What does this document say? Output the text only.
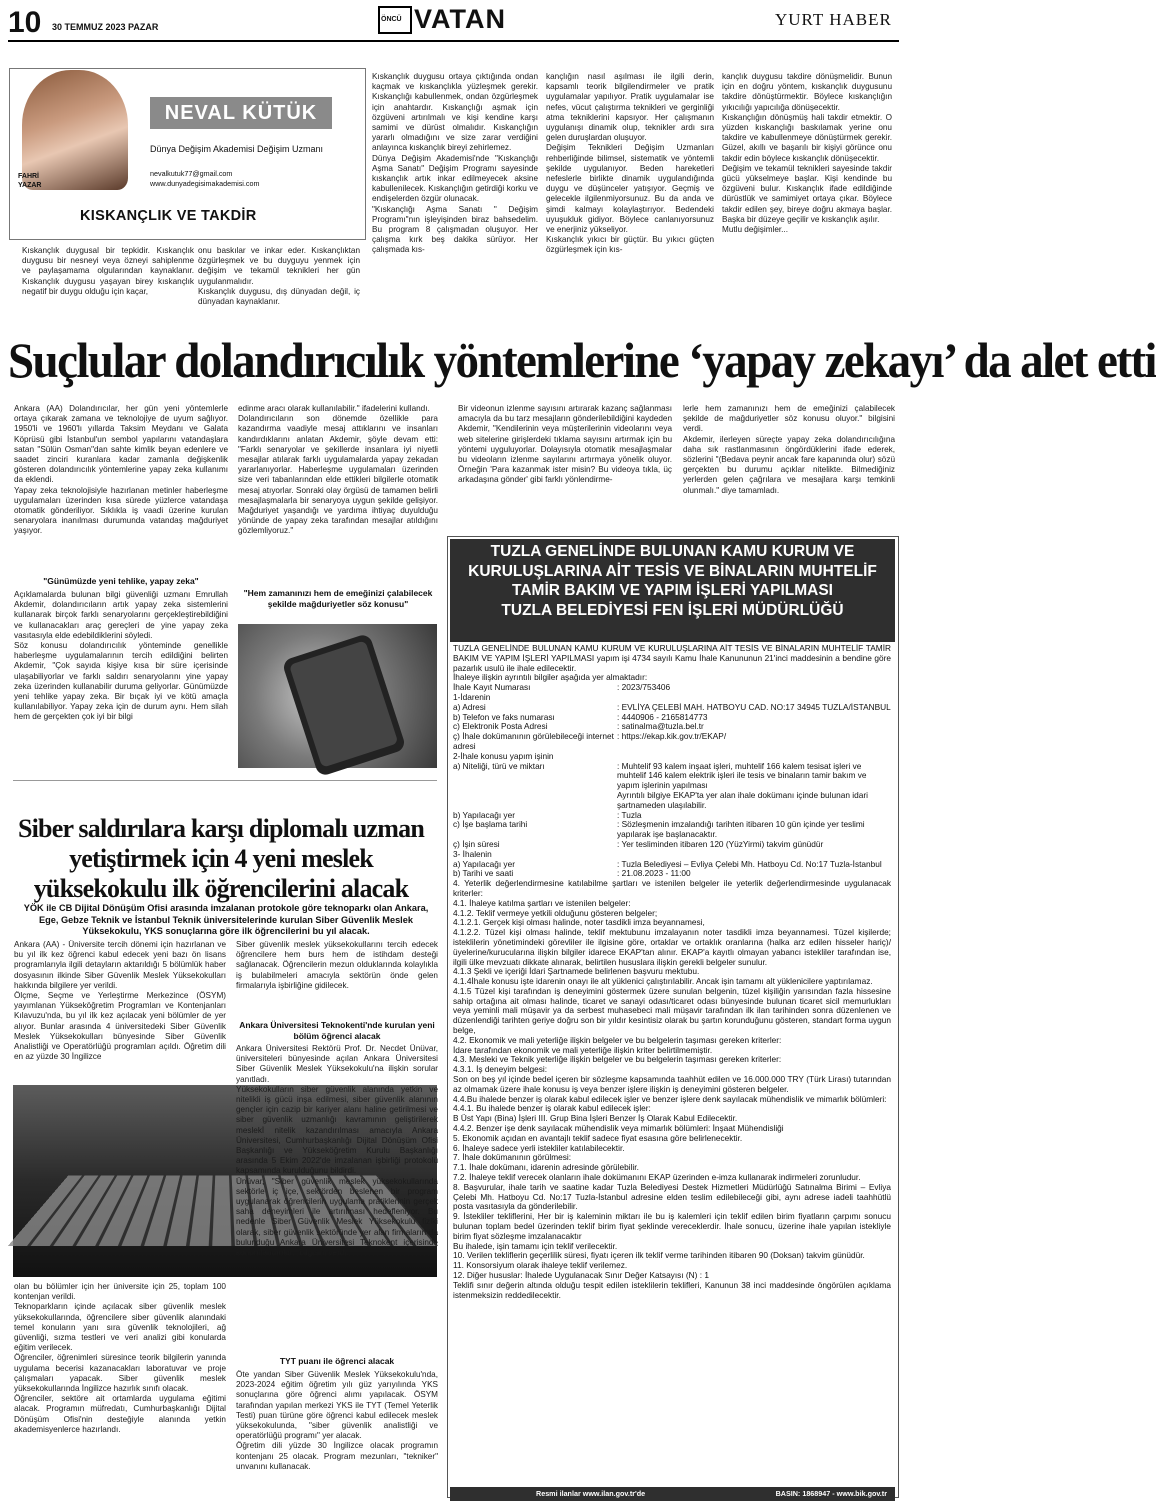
10 30 TEMMUZ 2023 PAZAR
ÖNCÜ VATAN	YURT HABER
FAHRİ
YAZAR
NEVAL KÜTÜK
Dünya Değişim Akademisi Değişim Uzmanı
nevalkutuk77@gmail.com
www.dunyadegisimakademisi.com
KISKANÇLIK VE TAKDİR
Kıskançlık duygusal bir tepkidir. Kıskançlık duygusu bir nesneyi veya özneyi sahiplenme ve paylaşamama olgularından kaynaklanır. Kıskançlık duygusu yaşayan birey kıskançlık negatif bir duygu olduğu için kaçar,
onu baskılar ve inkar eder. Kıskançlıktan özgürleşmek ve bu duyguyu yenmek için değişim ve tekamül teknikleri her gün uygulanmalıdır.
Kıskançlık duygusu, dış dünyadan değil, iç dünyadan kaynaklanır.
Kıskançlık duygusu ortaya çıktığında ondan kaçmak ve kıskançlıkla yüzleşmek gerekir. Kıskançlığı kabullenmek, ondan özgürleşmek için anahtardır. Kıskançlığı aşmak için özgüveni artırılmalı ve kişi kendine karşı samimi ve dürüst olmalıdır. Kıskançlığın yararlı olmadığını ve size zarar verdiğini anlayınca kıskançlık bireyi zehirlemez.
Dünya Değişim Akademisi'nde "Kıskançlığı Aşma Sanatı" Değişim Programı sayesinde kıskançlık artık inkar edilmeyecek aksine kabullenilecek. Kıskançlığın getirdiği korku ve endişelerden özgür olunacak.
"Kıskançlığı Aşma Sanatı " Değişim Programı"nın işleyişinden biraz bahsedelim. Bu program 8 çalışmadan oluşuyor. Her çalışma kırk beş dakika sürüyor. Her çalışmada kıs-
kançlığın nasıl aşılması ile ilgili derin, kapsamlı teorik bilgilendirmeler ve pratik uygulamalar yapılıyor. Pratik uygulamalar ise nefes, vücut çalıştırma teknikleri ve gerginliği atma tekniklerini kapsıyor. Her çalışmanın uygulanışı dinamik olup, teknikler ardı sıra gelen duruşlardan oluşuyor.
Değişim Teknikleri Değişim Uzmanları rehberliğinde bilimsel, sistematik ve yöntemli şekilde uygulanıyor. Beden hareketleri nefeslerle birlikte dinamik uygulandığında duygu ve düşünceler yatışıyor. Geçmiş ve gelecekle ilgilenmiyorsunuz. Bu da anda ve şimdi kalmayı kolaylaştırıyor. Bedendeki uyuşukluk gidiyor. Böylece canlanıyorsunuz ve enerjiniz yükseliyor.
Kıskançlık yıkıcı bir güçtür. Bu yıkıcı güçten özgürleşmek için kıs-
kançlık duygusu takdire dönüşmelidir. Bunun için en doğru yöntem, kıskançlık duygusunu takdire dönüştürmektir. Böylece kıskançlığın yıkıcılığı yapıcılığa dönüşecektir.
Kıskançlığın dönüşmüş hali takdir etmektir. O yüzden kıskançlığı baskılamak yerine onu takdire ve kabullenmeye dönüştürmek gerekir. Güzel, akıllı ve başarılı bir kişiyi görünce onu takdir edin böylece kıskançlık dönüşecektir.
Değişim ve tekamül teknikleri sayesinde takdir gücü yükselmeye başlar. Kişi kendinde bu özgüveni bulur. Kıskançlık ifade edildiğinde dürüstlük ve samimiyet ortaya çıkar. Böylece takdir edilen şey, bireye doğru akmaya başlar. Başka bir düzeye geçilir ve kıskançlık aşılır.
Mutlu değişimler...
Suçlular dolandırıcılık yöntemlerine ‘yapay zekayı’ da alet etti
Ankara (AA) Dolandırıcılar, her gün yeni yöntemlerle ortaya çıkarak zamana ve teknolojiye de uyum sağlıyor. 1950'li ve 1960'lı yıllarda Taksim Meydanı ve Galata Köprüsü gibi İstanbul'un sembol yapılarını vatandaşlara satan "Sülün Osman"dan sahte kimlik beyan edenlere ve saadet zinciri kuranlara kadar zamanla değişkenlik gösteren dolandırıcılık yöntemlerine yapay zeka kullanımı da eklendi.
Yapay zeka teknolojisiyle hazırlanan metinler haberleşme uygulamaları üzerinden kısa sürede yüzlerce vatandaşa otomatik gönderiliyor. Sıklıkla iş vaadi üzerine kurulan senaryolara inanılması durumunda vatandaş mağduriyet yaşıyor.
"Günümüzde yeni tehlike, yapay zeka"
Açıklamalarda bulunan bilgi güvenliği uzmanı Emrullah Akdemir, dolandırıcıların artık yapay zeka sistemlerini kullanarak birçok farklı senaryolarını gerçekleştirebildiğini ve kullanacakları araç gereçleri de yine yapay zeka vasıtasıyla elde edebildiklerini söyledi.
Söz konusu dolandırıcılık yönteminde genellikle haberleşme uygulamalarının tercih edildiğini belirten Akdemir, "Çok sayıda kişiye kısa bir süre içerisinde ulaşabiliyorlar ve farklı saldırı senaryolarını yine yapay zeka üzerinden kullanabilir duruma geliyorlar. Günümüzde yeni tehlike yapay zeka. Bir bıçak iyi ve kötü amaçla kullanılabiliyor. Yapay zeka için de durum aynı. Hem silah hem de gerçekten çok iyi bir bilgi
edinme aracı olarak kullanılabilir." ifadelerini kullandı.
Dolandırıcıların son dönemde özellikle para kazandırma vaadiyle mesaj attıklarını ve insanları kandırdıklarını anlatan Akdemir, şöyle devam etti: "Farklı senaryolar ve şekillerde insanlara iyi niyetli mesajlar atılarak farklı uygulamalarda yapay zekadan yararlanıyorlar. Haberleşme uygulamaları üzerinden size veri tabanlarından elde ettikleri bilgilerle otomatik mesaj atıyorlar. Sonraki olay örgüsü de tamamen belirli mesajlaşmalarla bir senaryoya uygun şekilde gelişiyor. Mağduriyet yaşandığı ve yardıma ihtiyaç duyulduğu yönünde de yapay zeka tarafından mesajlar atıldığını gözlemliyoruz."
"Hem zamanınızı hem de emeğinizi çalabilecek şekilde mağduriyetler söz konusu"
Bir videonun izlenme sayısını artırarak kazanç sağlanması amacıyla da bu tarz mesajların gönderilebildiğini kaydeden Akdemir, "Kendilerinin veya müşterilerinin videolarını veya web sitelerine girişlerdeki tıklama sayısını artırmak için bu yöntemi uyguluyorlar. Dolayısıyla otomatik mesajlaşmalar bu videoların izlenme sayılarını artırmaya yönelik oluyor. Örneğin 'Para kazanmak ister misin? Bu videoya tıkla, üç arkadaşına gönder' gibi farklı yönlendirme-
lerle hem zamanınızı hem de emeğinizi çalabilecek şekilde de mağduriyetler söz konusu oluyor." bilgisini verdi.
Akdemir, ilerleyen süreçte yapay zeka dolandırıcılığına daha sık rastlanmasının öngördüklerini ifade ederek, sözlerini "(Bedava peynir ancak fare kapanında olur) sözü gerçekten bu durumu açıklar nitelikte. Bilmediğiniz yerlerden gelen çağrılara ve mesajlara karşı temkinli olunmalı." diye tamamladı.
Siber saldırılara karşı diplomalı uzman yetiştirmek için 4 yeni meslek yüksekokulu ilk öğrencilerini alacak
YÖK ile CB Dijital Dönüşüm Ofisi arasında imzalanan protokole göre teknoparkı olan Ankara, Ege, Gebze Teknik ve İstanbul Teknik üniversitelerinde kurulan Siber Güvenlik Meslek Yüksekokulu, YKS sonuçlarına göre ilk öğrencilerini bu yıl alacak.
Ankara (AA) - Üniversite tercih dönemi için hazırlanan ve bu yıl ilk kez öğrenci kabul edecek yeni bazı ön lisans programlarıyla ilgili detayların aktarıldığı 5 bölümlük haber dosyasının ilkinde Siber Güvenlik Meslek Yüksekokulları hakkında bilgilere yer verildi.
Ölçme, Seçme ve Yerleştirme Merkezince (ÖSYM) yayımlanan Yükseköğretim Programları ve Kontenjanları Kılavuzu'nda, bu yıl ilk kez açılacak yeni bölümler de yer alıyor. Bunlar arasında 4 üniversitedeki Siber Güvenlik Meslek Yüksekokulları bünyesinde Siber Güvenlik Analistliği ve Operatörlüğü programları açıldı. Öğretim dili en az yüzde 30 İngilizce
olan bu bölümler için her üniversite için 25, toplam 100 kontenjan verildi.
Teknoparkların içinde açılacak siber güvenlik meslek yüksekokullarında, öğrencilere siber güvenlik alanındaki temel konuların yanı sıra güvenlik teknolojileri, ağ güvenliği, sızma testleri ve veri analizi gibi konularda eğitim verilecek.
Öğrenciler, öğrenimleri süresince teorik bilgilerin yanında uygulama becerisi kazanacakları laboratuvar ve proje çalışmaları yapacak. Siber güvenlik meslek yüksekokullarında İngilizce hazırlık sınıfı olacak.
Öğrenciler, sektöre ait ortamlarda uygulama eğitimi alacak. Programın müfredatı, Cumhurbaşkanlığı Dijital Dönüşüm Ofisi'nin desteğiyle alanında yetkin akademisyenlerce hazırlandı.
Siber güvenlik meslek yüksekokullarını tercih edecek öğrencilere hem burs hem de istihdam desteği sağlanacak. Öğrencilerin mezun olduklarında kolaylıkla iş bulabilmeleri amacıyla sektörün önde gelen firmalarıyla işbirliğine gidilecek.
Ankara Üniversitesi Teknokenti'nde kurulan yeni bölüm öğrenci alacak
Ankara Üniversitesi Rektörü Prof. Dr. Necdet Ünüvar, üniversiteleri bünyesinde açılan Ankara Üniversitesi Siber Güvenlik Meslek Yüksekokulu'na ilişkin sorular yanıtladı.
Yüksekokulların siber güvenlik alanında yetkin ve nitelikli iş gücü inşa edilmesi, siber güvenlik alanının gençler için cazip bir kariyer alanı haline getirilmesi ve siber güvenlik uzmanlığı kavramının geliştirilerek meslekİ nitelik kazandırılması amacıyla Ankara Üniversitesi, Cumhurbaşkanlığı Dijital Dönüşüm Ofisi Başkanlığı ve Yükseköğretim Kurulu Başkanlığı arasında 5 Ekim 2022'de imzalanan işbirliği protokolü kapsamında kurulduğunu bildirdi.
Ünüvar, "Siber güvenlik meslek yüksekokullarında sektörle iç içe, sektörden beslenen bir program uygulanarak öğrencilerin uygulama pratiklerinin gerçek saha deneyimleri ile artırılması hedefleniyor. Bu nedenle Siber Güvenlik Meslek Yüksekokulu fiziki olarak, siber güvenlik sektöründe yer alan firmaların da bulunduğu Ankara Üniversitesi Teknokent içerisinde konumlandırıldı." bilgisini verdi.
TYT puanı ile öğrenci alacak
Öte yandan Siber Güvenlik Meslek Yüksekokulu'nda, 2023-2024 eğitim öğretim yılı güz yarıyılında YKS sonuçlarına göre öğrenci alımı yapılacak. ÖSYM tarafından yapılan merkezi YKS ile TYT (Temel Yeterlik Testi) puan türüne göre öğrenci kabul edilecek meslek yüksekokulunda, "siber güvenlik analistliği ve operatörlüğü programı" yer alacak.
Öğretim dili yüzde 30 İngilizce olacak programın kontenjanı 25 olacak. Program mezunları, "tekniker" unvanını kullanacak.
TUZLA GENELİNDE BULUNAN KAMU KURUM VE KURULUŞLARINA AİT TESİS VE BİNALARIN MUHTELİF TAMİR BAKIM VE YAPIM İŞLERİ YAPILMASI
TUZLA BELEDİYESİ FEN İŞLERİ MÜDÜRLÜĞÜ

TUZLA GENELİNDE BULUNAN KAMU KURUM VE KURULUŞLARINA AİT TESİS VE BİNALARIN MUHTELİF TAMİR BAKIM VE YAPIM İŞLERİ YAPILMASI yapım işi 4734 sayılı Kamu İhale Kanununun 21'inci maddesinin a bendine göre pazarlık usulü ile ihale edilecektir.
İhaleye ilişkin ayrıntılı bilgiler aşağıda yer almaktadır:

İhale Kayıt Numarası	: 2023/753406
1-İdarenin
a) Adresi	: EVLİYA ÇELEBİ MAH. HATBOYU CAD. NO:17 34945 TUZLA/İSTANBUL
b) Telefon ve faks numarası	: 4440906 - 2165814773
c) Elektronik Posta Adresi	: satinalma@tuzla.bel.tr
ç) İhale dokümanının görülebileceği internet adresi
: https://ekap.kik.gov.tr/EKAP/
2-İhale konusu yapım işinin
a) Niteliği, türü ve miktarı	: Muhtelif 93 kalem inşaat işleri, muhtelif 166 kalem tesisat işleri ve muhtelif 146 kalem elektrik işleri ile tesis ve binaların tamir bakım ve yapım işlerinin yapılması
Ayrıntılı bilgiye EKAP'ta yer alan ihale dokümanı içinde bulunan idari şartnameden ulaşılabilir.
b) Yapılacağı yer	: Tuzla
c) İşe başlama tarihi	: Sözleşmenin imzalandığı tarihten itibaren 10 gün içinde yer teslimi yapılarak işe başlanacaktır.
ç) İşin süresi	: Yer tesliminden itibaren 120 (YüzYirmi) takvim günüdür
3- İhalenin
a) Yapılacağı yer	: Tuzla Belediyesi – Evliya Çelebi Mh. Hatboyu Cd. No:17 Tuzla-İstanbul
b) Tarihi ve saati	: 21.08.2023 - 11:00

4. Yeterlik değerlendirmesine katılabilme şartları ve istenilen belgeler ile yeterlik değerlendirmesinde uygulanacak kriterler:
4.1. İhaleye katılma şartları ve istenilen belgeler:
4.1.2. Teklif vermeye yetkili olduğunu gösteren belgeler;
4.1.2.1. Gerçek kişi olması halinde, noter tasdikli imza beyannamesi,
4.1.2.2. Tüzel kişi olması halinde, teklif mektubunu imzalayanın noter tasdikli imza beyannamesi. Tüzel kişilerde; isteklilerin yönetimindeki görevliler ile ilgisine göre, ortaklar ve ortaklık oranlarına (halka arz edilen hisseler hariç)/üyelerine/kurucularına ilişkin bilgiler idarece EKAP'tan alınır. EKAP'a kayıtlı olmayan yabancı istekliler tarafından ise, ilgili ülke mevzuatı dikkate alınarak, belirtilen hususlara ilişkin gerekli belgeler sunulur.
4.1.3 Şekli ve içeriği İdari Şartnamede belirlenen başvuru mektubu.
4.1.4İhale konusu işte idarenin onayı ile alt yüklenici çalıştırılabilir. Ancak işin tamamı alt yüklenicilere yaptırılamaz.
4.1.5 Tüzel kişi tarafından iş deneyimini göstermek üzere sunulan belgenin, tüzel kişiliğin yarısından fazla hissesine sahip ortağına ait olması halinde, ticaret ve sanayi odası/ticaret odası bünyesinde bulunan ticaret sicil memurlukları veya yeminli mali müşavir ya da serbest muhasebeci mali müşavir tarafından ilk ilan tarihinden sonra düzenlenen ve düzenlendiği tarihten geriye doğru son bir yıldır kesintisiz olarak bu şartın korunduğunu gösteren, standart forma uygun belge,
4.2. Ekonomik ve mali yeterliğe ilişkin belgeler ve bu belgelerin taşıması gereken kriterler:
İdare tarafından ekonomik ve mali yeterliğe ilişkin kriter belirtilmemiştir.
4.3. Mesleki ve Teknik yeterliğe ilişkin belgeler ve bu belgelerin taşıması gereken kriterler:
4.3.1. İş deneyim belgesi:
Son on beş yıl içinde bedel içeren bir sözleşme kapsamında taahhüt edilen ve 16.000.000 TRY (Türk Lirası) tutarından az olmamak üzere ihale konusu iş veya benzer işlere ilişkin iş deneyimini gösteren belgeler.
4.4.Bu ihalede benzer iş olarak kabul edilecek işler ve benzer işlere denk sayılacak mühendislik ve mimarlık bölümleri:
4.4.1. Bu ihalede benzer iş olarak kabul edilecek işler:
B Üst Yapı (Bina) İşleri III. Grup Bina İşleri Benzer İş Olarak Kabul Edilecektir.
4.4.2. Benzer işe denk sayılacak mühendislik veya mimarlık bölümleri: İnşaat Mühendisliği
5. Ekonomik açıdan en avantajlı teklif sadece fiyat esasına göre belirlenecektir.
6. İhaleye sadece yerli istekliler katılabilecektir.
7. İhale dokümanının görülmesi:
7.1. İhale dokümanı, idarenin adresinde görülebilir.
7.2. İhaleye teklif verecek olanların ihale dokümanını EKAP üzerinden e-imza kullanarak indirmeleri zorunludur.
8. Başvurular, ihale tarih ve saatine kadar Tuzla Belediyesi Destek Hizmetleri Müdürlüğü Satınalma Birimi – Evliya Çelebi Mh. Hatboyu Cd. No:17 Tuzla-İstanbul adresine elden teslim edilebileceği gibi, aynı adrese iadeli taahhütlü posta vasıtasıyla da gönderilebilir.
9. İstekliler tekliflerini, Her bir iş kaleminin miktarı ile bu iş kalemleri için teklif edilen birim fiyatların çarpımı sonucu bulunan toplam bedel üzerinden teklif birim fiyat şeklinde vereceklerdir. İhale sonucu, üzerine ihale yapılan istekliyle birim fiyat sözleşme imzalanacaktır
Bu ihalede, işin tamamı için teklif verilecektir.
10. Verilen tekliflerin geçerlilik süresi, fiyatı içeren ilk teklif verme tarihinden itibaren 90 (Doksan) takvim günüdür.
11. Konsorsiyum olarak ihaleye teklif verilemez.
12. Diğer hususlar: İhalede Uygulanacak Sınır Değer Katsayısı (N) : 1
Teklifi sınır değerin altında olduğu tespit edilen isteklilerin teklifleri, Kanunun 38 inci maddesinde öngörülen açıklama istenmeksizin reddedilecektir.

Resmi ilanlar www.ilan.gov.tr'de	BASIN: 1868947 - www.bik.gov.tr
